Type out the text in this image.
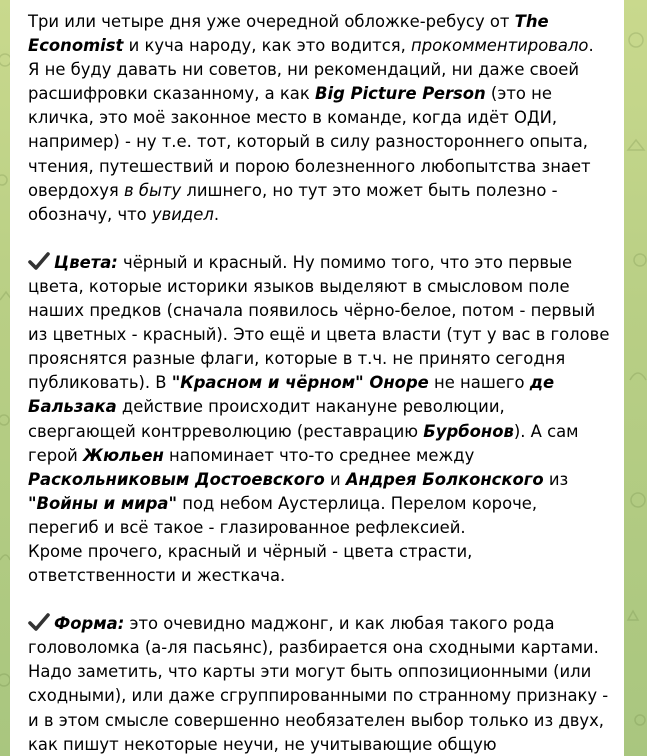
Три или четыре дня уже очередной обложке-ребусу от The Economist и куча народу, как это водится, прокомментировало. Я не буду давать ни советов, ни рекомендаций, ни даже своей расшифровки сказанному, а как Big Picture Person (это не кличка, это моё законное место в команде, когда идёт ОДИ, например) - ну т.е. тот, который в силу разностороннего опыта, чтения, путешествий и порою болезненного любопытства знает овердохуя в быту лишнего, но тут это может быть полезно - обозначу, что увидел.

Цвета: чёрный и красный. Ну помимо того, что это первые цвета, которые историки языков выделяют в смысловом поле наших предков (сначала появилось чёрно-белое, потом - первый из цветных - красный). Это ещё и цвета власти (тут у вас в голове прояснятся разные флаги, которые в т.ч. не принято сегодня публиковать). В "Красном и чёрном" Оноре не нашего де Бальзака действие происходит накануне революции, свергающей контрреволюцию (реставрацию Бурбонов). А сам герой Жюльен напоминает что-то среднее между Раскольниковым Достоевского и Андрея Болконского из "Войны и мира" под небом Аустерлица. Перелом короче, перегиб и всё такое - глазированное рефлексией.
Кроме прочего, красный и чёрный - цвета страсти, ответственности и жесткача.

Форма: это очевидно маджонг, и как любая такого рода головоломка (а-ля пасьянс), разбирается она сходными картами. Надо заметить, что карты эти могут быть оппозиционными (или сходными), или даже сгруппированными по странному признаку - и в этом смысле совершенно необязателен выбор только из двух, как пишут некоторые неучи, не учитывающие общую
